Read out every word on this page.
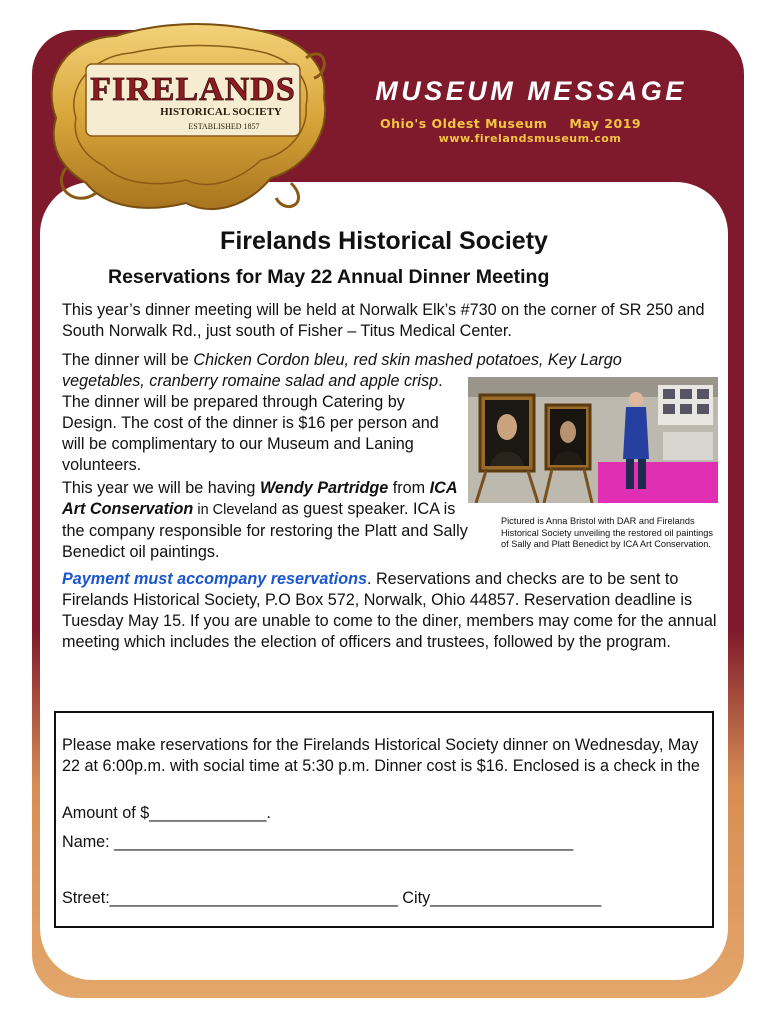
FIRELANDS
HISTORICAL SOCIETY
ESTABLISHED 1857
MUSEUM MESSAGE
Ohio's Oldest Museum May 2019
www.firelandsmuseum.com
Firelands Historical Society
Reservations for May 22 Annual Dinner Meeting
This year’s dinner meeting will be held at Norwalk Elk’s #730 on the corner of SR 250 and South Norwalk Rd., just south of Fisher – Titus Medical Center.
The dinner will be Chicken Cordon bleu, red skin mashed potatoes, Key Largo
vegetables, cranberry romaine salad and apple crisp. The dinner will be prepared through Catering by Design. The cost of the dinner is $16 per person and will be complimentary to our Museum and Laning volunteers.
This year we will be having Wendy Partridge from ICA Art Conservation in Cleveland as guest speaker. ICA is the company responsible for restoring the Platt and Sally Benedict oil paintings.
Pictured is Anna Bristol with DAR and Firelands Historical Society unveiling the restored oil paintings of Sally and Platt Benedict by ICA Art Conservation.
Payment must accompany reservations. Reservations and checks are to be sent to Firelands Historical Society, P.O Box 572, Norwalk, Ohio 44857. Reservation deadline is Tuesday May 15. If you are unable to come to the diner, members may come for the annual meeting which includes the election of officers and trustees, followed by the program.
Please make reservations for the Firelands Historical Society dinner on Wednesday, May 22 at 6:00p.m. with social time at 5:30 p.m. Dinner cost is $16. Enclosed is a check in the
Amount of $_____________.
Name: ___________________________________________________
Street:________________________________ City___________________
